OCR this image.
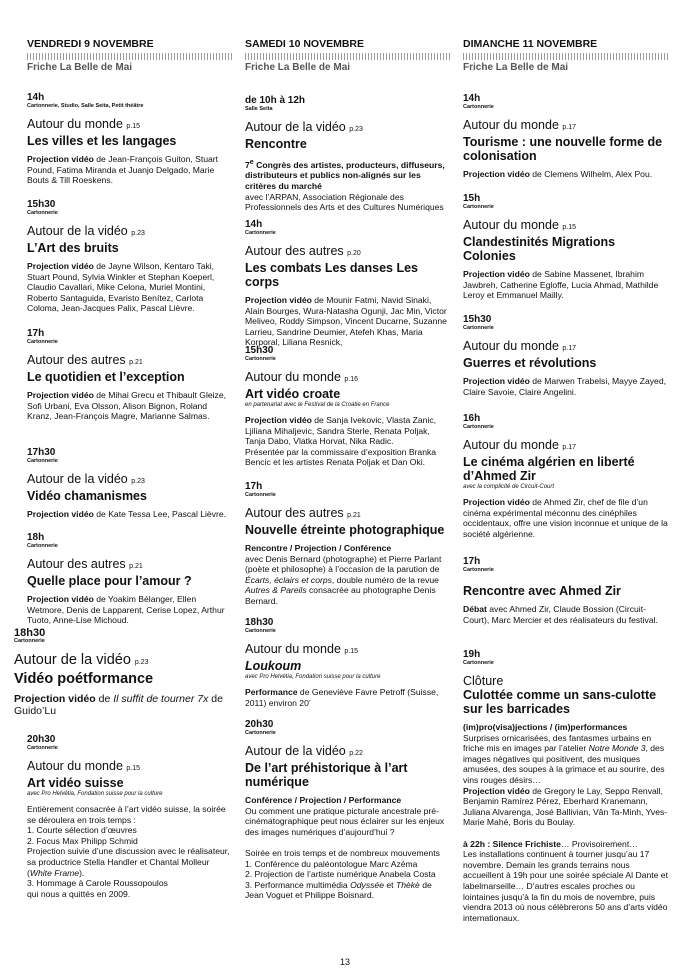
VENDREDI 9 NOVEMBRE
Friche La Belle de Mai
14h
Cartonnerie, Studio, Salle Seita, Petit théâtre
Autour du monde p.15
Les villes et les langages
Projection vidéo de Jean-François Guiton, Stuart Pound, Fatima Miranda et Juanjo Delgado, Marie Bouts & Till Roeskens.
15h30
Cartonnerie
Autour de la vidéo p.23
L’Art des bruits
Projection vidéo de Jayne Wilson, Kentaro Taki, Stuart Pound, Sylvia Winkler et Stephan Koeperl, Claudio Cavallari, Mike Celona, Muriel Montini, Roberto Santaguida, Evaristo Benítez, Carlota Coloma, Jean-Jacques Palix, Pascal Lièvre.
17h
Cartonnerie
Autour des autres p.21
Le quotidien et l’exception
Projection vidéo de Mihai Grecu et Thibault Gleize, Sofi Urbani, Eva Olsson, Alison Bignon, Roland Kranz, Jean-François Magre, Marianne Salmas.
17h30
Cartonnerie
Autour de la vidéo p.23
Vidéo chamanismes
Projection vidéo de Kate Tessa Lee, Pascal Lièvre.
18h
Cartonnerie
Autour des autres p.21
Quelle place pour l’amour ?
Projection vidéo de Yoakim Bélanger, Ellen Wetmore, Denis de Lapparent, Cerise Lopez, Arthur Tuoto, Anne-Lise Michoud.
18h30
Cartonnerie
Autour de la vidéo p.23
Vidéo poétformance
Projection vidéo de Il suffit de tourner 7x de Guido’Lu
20h30
Cartonnerie
Autour du monde p.15
Art vidéo suisse
avec Pro Helvétia, Fondation suisse pour la culture
Entièrement consacrée à l’art vidéo suisse, la soirée se déroulera en trois temps :
1. Courte sélection d’œuvres
2. Focus Max Philipp Schmid
Projection suivie d’une discussion avec le réalisateur, sa productrice Stella Handler et Chantal Molleur (White Frame).
3. Hommage à Carole Roussopoulos
qui nous a quittés en 2009.
SAMEDI 10 NOVEMBRE
Friche La Belle de Mai
de 10h à 12h
Salle Seita
Autour de la vidéo p.23
Rencontre
7e Congrès des artistes, producteurs, diffuseurs, distributeurs et publics non-alignés sur les critères du marché
avec l’ARPAN, Association Régionale des Professionnels des Arts et des Cultures Numériques
14h
Cartonnerie
Autour des autres p.20
Les combats Les danses Les corps
Projection vidéo de Mounir Fatmi, Navid Sinaki, Alain Bourges, Wura-Natasha Ogunji, Jac Min, Victor Meliveo, Roddy Simpson, Vincent Ducarne, Suzanne Larrieu, Sandrine Deumier, Atefeh Khas, Maria Korporal, Liliana Resnick,
15h30
Cartonnerie
Autour du monde p.16
Art vidéo croate
en partenariat avec le Festival de la Croatie en France
Projection vidéo de Sanja Ivekovic, Vlasta Zanic, Ljiliana Mihaljevic, Sandra Sterle, Renata Poljak, Tanja Dabo, Vlatka Horvat, Nika Radic.
Présentée par la commissaire d’exposition Branka Bencic et les artistes Renata Poljak et Dan Oki.
17h
Cartonnerie
Autour des autres p.21
Nouvelle étreinte photographique
Rencontre / Projection / Conférence
avec Denis Bernard (photographe) et Pierre Parlant (poète et philosophe) à l’occasion de la parution de Écarts, éclairs et corps, double numéro de la revue Autres & Pareils consacrée au photographe Denis Bernard.
18h30
Cartonnerie
Autour du monde p.15
Loukoum
avec Pro Helvétia, Fondation suisse pour la culture
Performance de Geneviève Favre Petroff (Suisse, 2011) environ 20’
20h30
Cartonnerie
Autour de la vidéo p.22
De l’art préhistorique à l’art numérique
Conférence / Projection / Performance
Ou comment une pratique picturale ancestrale pré-cinématographique peut nous éclairer sur les enjeux des images numériques d’aujourd’hui ?

Soirée en trois temps et de nombreux mouvements
1. Conférence du paléontologue Marc Azéma
2. Projection de l’artiste numérique Anabela Costa
3. Performance multimédia Odyssée et Thèkè de Jean Voguet et Philippe Boisnard.
DIMANCHE 11 NOVEMBRE
Friche La Belle de Mai
14h
Cartonnerie
Autour du monde p.17
Tourisme : une nouvelle forme de colonisation
Projection vidéo de Clemens Wilhelm, Alex Pou.
15h
Cartonnerie
Autour du monde p.15
Clandestinités Migrations Colonies
Projection vidéo de Sabine Massenet, Ibrahim Jawbreh, Catherine Egloffe, Lucia Ahmad, Mathilde Leroy et Emmanuel Mailly.
15h30
Cartonnerie
Autour du monde p.17
Guerres et révolutions
Projection vidéo de Marwen Trabelsi, Mayye Zayed, Claire Savoie, Claire Angelini.
16h
Cartonnerie
Autour du monde p.17
Le cinéma algérien en liberté d’Ahmed Zir
avec la complicité de Circuit-Court
Projection vidéo de Ahmed Zir, chef de file d’un cinéma expérimental méconnu des cinéphiles occidentaux, offre une vision inconnue et unique de la société algérienne.
17h
Cartonnerie
Rencontre avec Ahmed Zir
Débat avec Ahmed Zir, Claude Bossion (Circuit-Court), Marc Mercier et des réalisateurs du festival.
19h
Cartonnerie
Clôture
Culottée comme un sans-culotte sur les barricades
(im)pro(visa)jections / (im)performances
Surprises ornicarisées, des fantasmes urbains en friche mis en images par l’atelier Notre Monde 3, des images négatives qui positivent, des musiques amusées, des soupes à la grimace et au sourire, des vins rouges désirs…
Projection vidéo de Gregory le Lay, Seppo Renvall, Benjamin Ramírez Pérez, Eberhard Kranemann, Juliana Alvarenga, José Ballivian, Vân Ta-Minh, Yves-Marie Mahé, Boris du Boulay.

à 22h : Silence Frichiste… Provisoirement…
Les installations continuent à tourner jusqu’au 17 novembre. Demain les grands terrains nous accueillent à 19h pour une soirée spéciale Al Dante et labelmarseille… D’autres escales proches ou lointaines jusqu’à la fin du mois de novembre, puis viendra 2013 où nous célèbrerons 50 ans d’arts vidéo internationaux.
13
